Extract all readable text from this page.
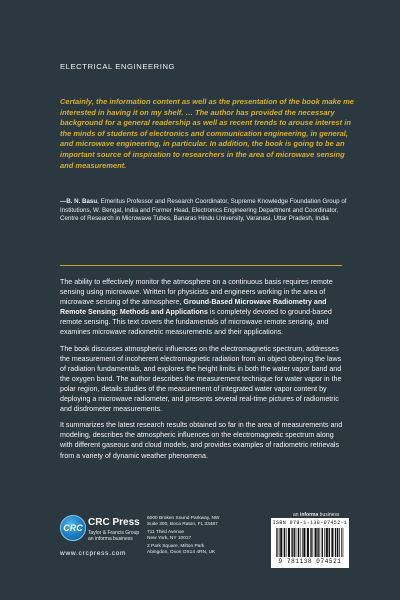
ELECTRICAL ENGINEERING
Certainly, the information content as well as the presentation of the book make me interested in having it on my shelf. … The author has provided the necessary background for a general readership as well as recent trends to arouse interest in the minds of students of electronics and communication engineering, in general, and microwave engineering, in particular. In addition, the book is going to be an important source of inspiration to researchers in the area of microwave sensing and measurement.
—B. N. Basu, Emeritus Professor and Research Coordinator, Supreme Knowledge Foundation Group of Institutions, W. Bengal, India and Former Head, Electronics Engineering Department and Coordinator, Centre of Research in Microwave Tubes, Banaras Hindu University, Varanasi, Uttar Pradesh, India

The ability to effectively monitor the atmosphere on a continuous basis requires remote sensing using microwave. Written for physicists and engineers working in the area of microwave sensing of the atmosphere, Ground-Based Microwave Radiometry and Remote Sensing: Methods and Applications is completely devoted to ground-based remote sensing. This text covers the fundamentals of microwave remote sensing, and examines microwave radiometric measurements and their applications.

The book discusses atmospheric influences on the electromagnetic spectrum, addresses the measurement of incoherent electromagnetic radiation from an object obeying the laws of radiation fundamentals, and explores the height limits in both the water vapor band and the oxygen band. The author describes the measurement technique for water vapor in the polar region, details studies of the measurement of integrated water vapor content by deploying a microwave radiometer, and presents several real-time pictures of radiometric and disdrometer measurements.

It summarizes the latest research results obtained so far in the area of measurements and modeling, describes the atmospheric influences on the electromagnetic spectrum along with different gaseous and cloud models, and provides examples of radiometric retrievals from a variety of dynamic weather phenomena.

an informa business
CRC CRC Press
Taylor & Francis Group
an informa business
www.crcpress.com
6000 Broken Sound Parkway, NW
Suite 300, Boca Raton, FL 33487
711 Third Avenue
New York, NY 10017
2 Park Square, Milton Park
Abingdon, Oxon OX14 4RN, UK
ISBN 978-1-138-07452-1
9 781138 074521
